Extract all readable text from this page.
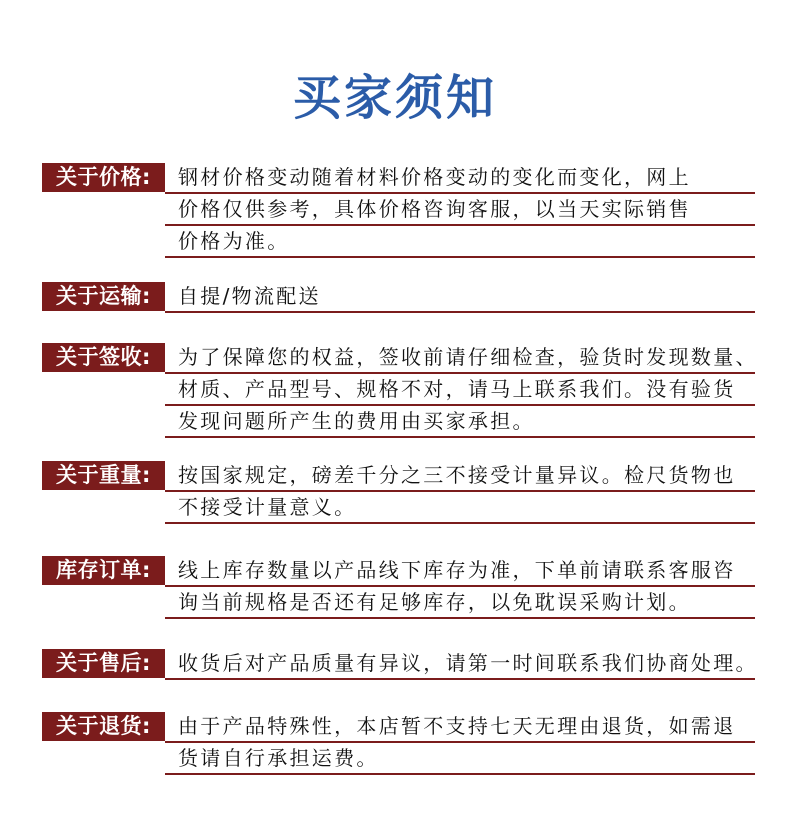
买家须知
关于价格:	钢材价格变动随着材料价格变动的变化而变化，网上
价格仅供参考，具体价格咨询客服，以当天实际销售
价格为准。
关于运输:	自提/物流配送
关于签收:	为了保障您的权益，签收前请仔细检查，验货时发现数量、
材质、产品型号、规格不对，请马上联系我们。没有验货
发现问题所产生的费用由买家承担。
关于重量:	按国家规定，磅差千分之三不接受计量异议。检尺货物也
不接受计量意义。
库存订单:	线上库存数量以产品线下库存为准，下单前请联系客服咨
询当前规格是否还有足够库存，以免耽误采购计划。
关于售后:	收货后对产品质量有异议，请第一时间联系我们协商处理。
关于退货:	由于产品特殊性，本店暂不支持七天无理由退货，如需退
货请自行承担运费。
